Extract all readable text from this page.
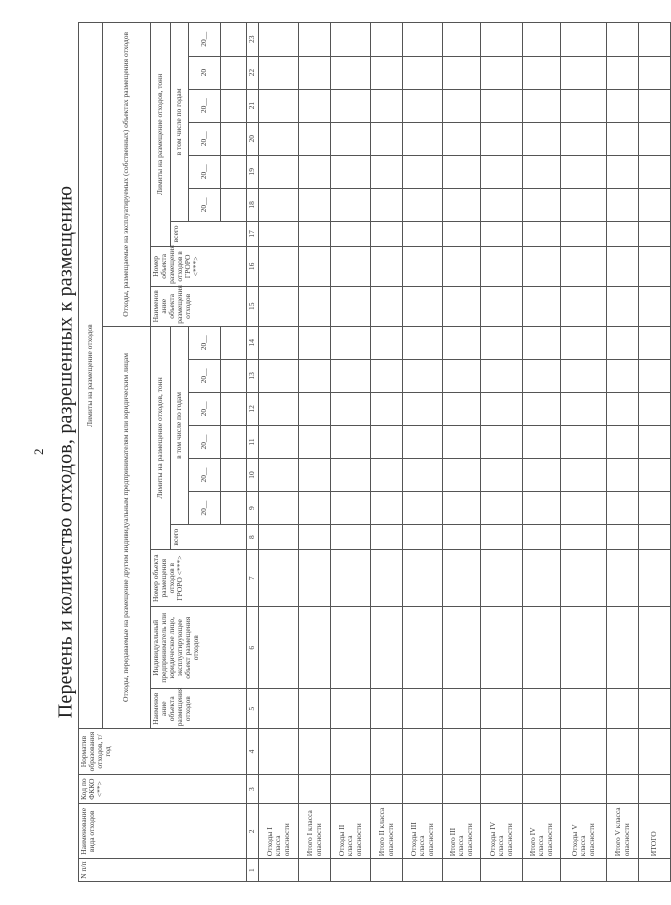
2 Перечень и количество отходов, разрешенных к размещению
N п/п	Наименование вида отходов	Код по ФККО <**>	Норматив образования отходов, т/год	Лимиты на размещение отходов																		
				Отходы, передаваемые на размещение другим индивидуальным предпринимателям или юридическим лицам										Отходы, размещаемые на эксплуатируемых (собственных) объектах размещения отходов								
				Наименов ание объекта размещения отходов	Индивидуальный предприниматель или юридическое лицо, эксплуатирующее объект размещения отходов	Номер объекта размещения отходов в ГРОРО <***>	Лимиты на размещение отходов, тонн							Наименов ание объекта размещения отходов	Номер объекта размещения отходов в ГРОРО <***>	Лимиты на размещение отходов, тонн						
							всего	в том числе по годам								всего	в том числе по годам					
								20__	20__	20__	20__	20__	20__				20__	20__	20__	20__	20	20__

1	2	3	4	5	6	7	8	9	10	11	12	13	14	15	16	17	18	19	20	21	22	23
	Отходы I класса опасности																					
	Итого I класса опасности																					
	Отходы II класса опасности																					
	Итого II класса опасности																					
	Отходы III класса опасности																					
	Итого III класса опасности																					
	Отходы IV класса опасности																					
	Итого IV класса опасности																					
	Отходы V класса опасности																					
	Итого V класса опасности																					
	ИТОГО																					
